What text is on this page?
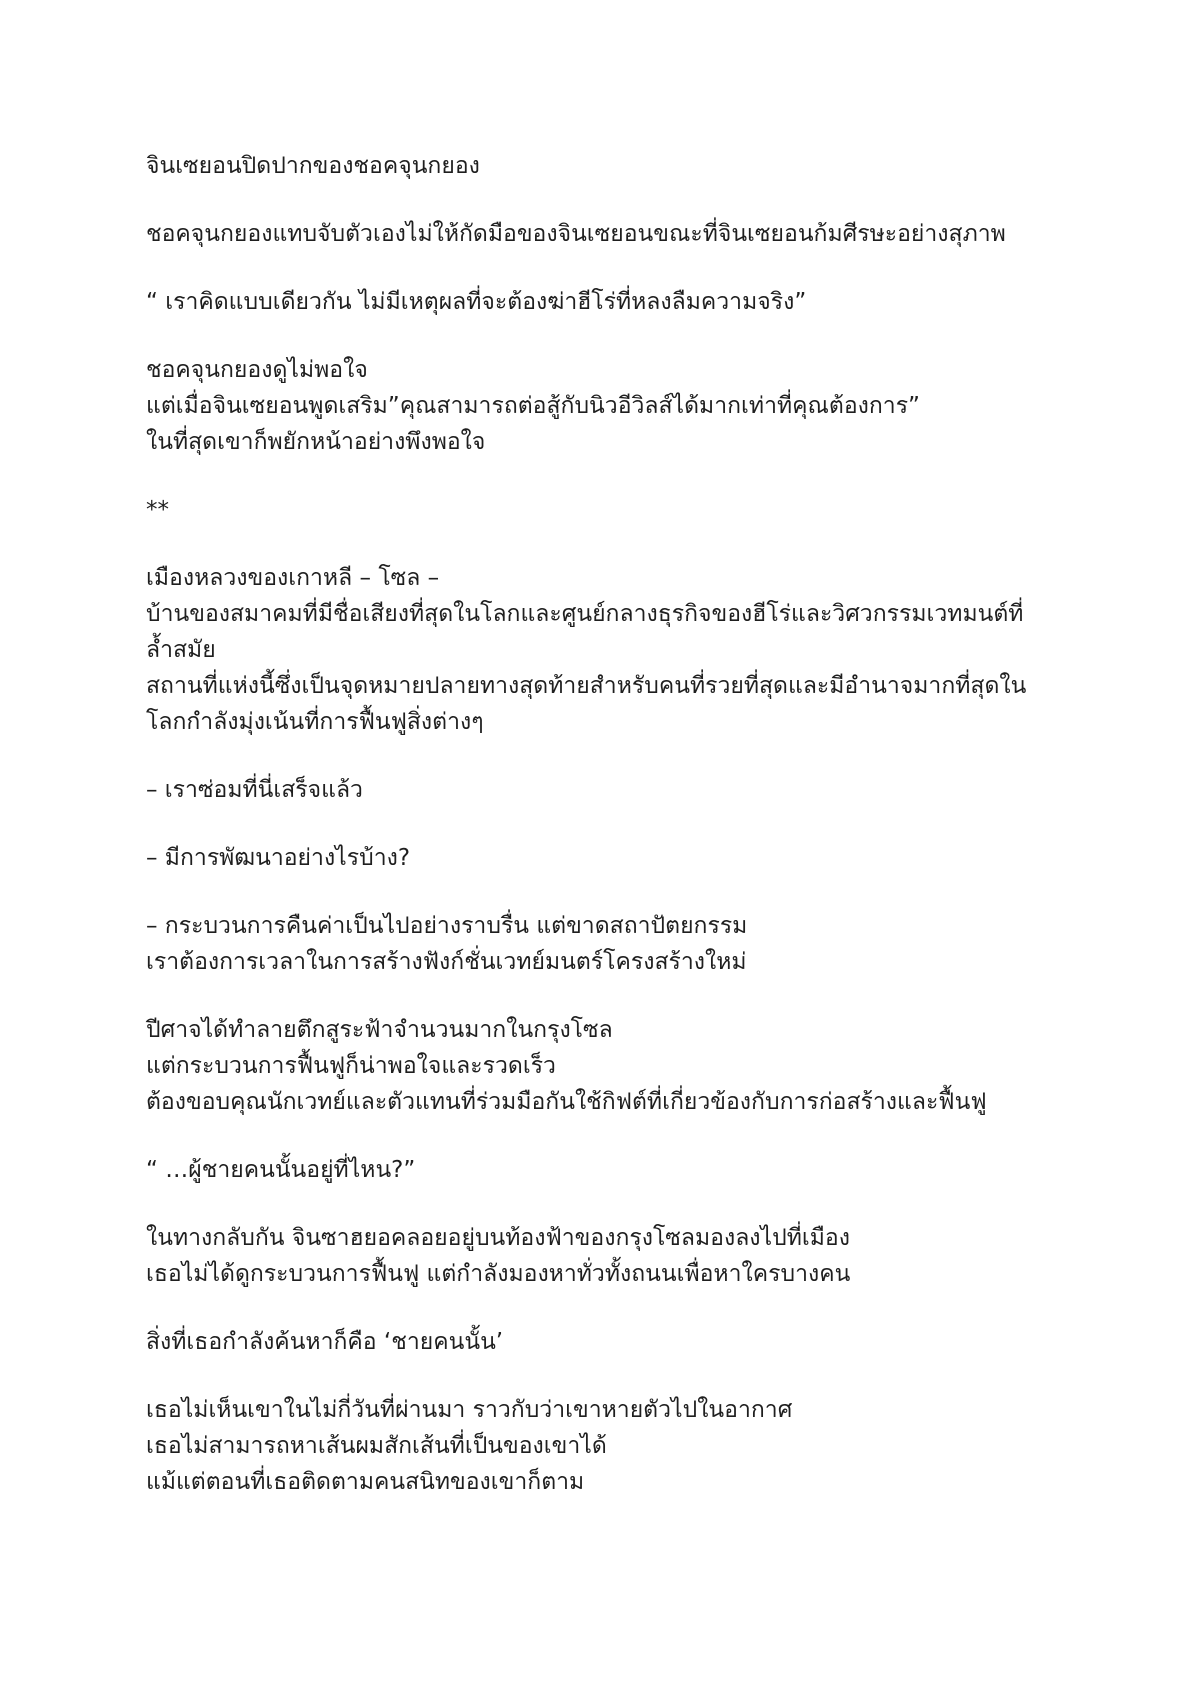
จินเซยอนปิดปากของชอคจุนกยอง

ชอคจุนกยองแทบจับตัวเองไม่ให้กัดมือของจินเซยอนขณะที่จินเซยอนก้มศีรษะอย่างสุภาพ

“ เราคิดแบบเดียวกัน ไม่มีเหตุผลที่จะต้องฆ่าฮีโร่ที่หลงลืมความจริง”

ชอคจุนกยองดูไม่พอใจ
แต่เมื่อจินเซยอนพูดเสริม”คุณสามารถต่อสู้กับนิวอีวิลส์ได้มากเท่าที่คุณต้องการ”
ในที่สุดเขาก็พยักหน้าอย่างพึงพอใจ

**

เมืองหลวงของเกาหลี – โซล –
บ้านของสมาคมที่มีชื่อเสียงที่สุดในโลกและศูนย์กลางธุรกิจของฮีโร่และวิศวกรรมเวทมนต์ที่ล้ำสมัย
สถานที่แห่งนี้ซึ่งเป็นจุดหมายปลายทางสุดท้ายสำหรับคนที่รวยที่สุดและมีอำนาจมากที่สุดในโลกกำลังมุ่งเน้นที่การฟื้นฟูสิ่งต่างๆ

– เราซ่อมที่นี่เสร็จแล้ว

– มีการพัฒนาอย่างไรบ้าง?

– กระบวนการคืนค่าเป็นไปอย่างราบรื่น แต่ขาดสถาปัตยกรรม
เราต้องการเวลาในการสร้างฟังก์ชั่นเวทย์มนตร์โครงสร้างใหม่

ปีศาจได้ทำลายตึกสูระฟ้าจำนวนมากในกรุงโซล
แต่กระบวนการฟื้นฟูก็น่าพอใจและรวดเร็ว
ต้องขอบคุณนักเวทย์และตัวแทนที่ร่วมมือกันใช้กิฟต์ที่เกี่ยวข้องกับการก่อสร้างและฟื้นฟู

“ …ผู้ชายคนนั้นอยู่ที่ไหน?”

ในทางกลับกัน จินซาฮยอคลอยอยู่บนท้องฟ้าของกรุงโซลมองลงไปที่เมือง
เธอไม่ได้ดูกระบวนการฟื้นฟู แต่กำลังมองหาทั่วทั้งถนนเพื่อหาใครบางคน

สิ่งที่เธอกำลังค้นหาก็คือ ‘ชายคนนั้น’

เธอไม่เห็นเขาในไม่กี่วันที่ผ่านมา ราวกับว่าเขาหายตัวไปในอากาศ
เธอไม่สามารถหาเส้นผมสักเส้นที่เป็นของเขาได้
แม้แต่ตอนที่เธอติดตามคนสนิทของเขาก็ตาม
